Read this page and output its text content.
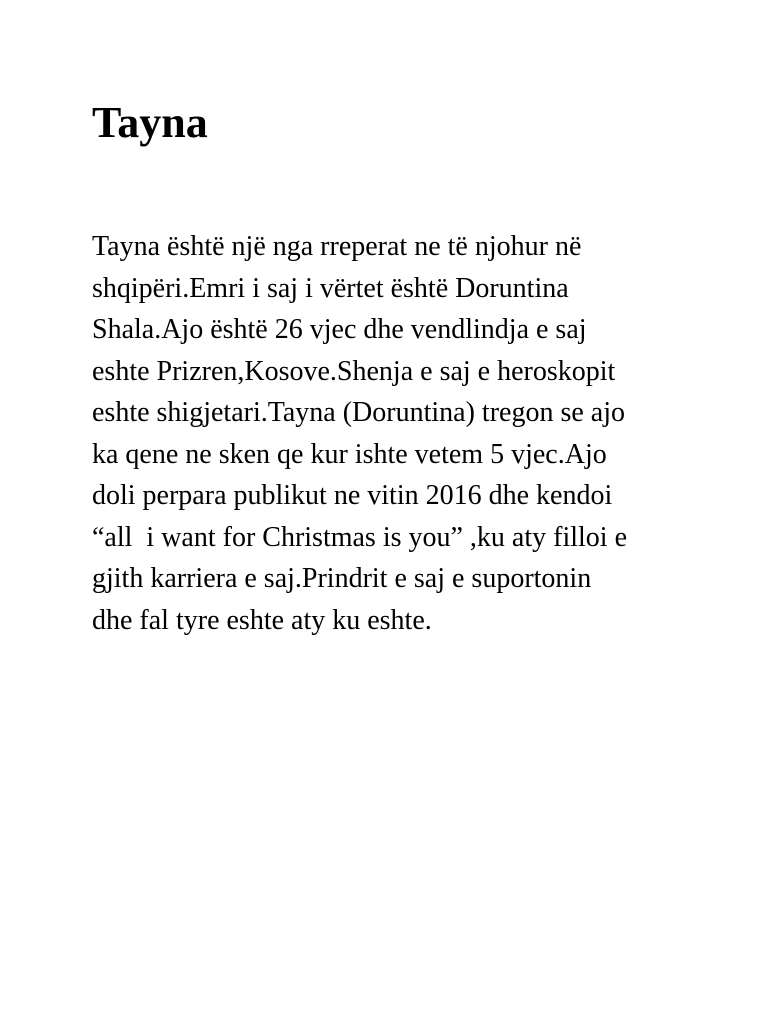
Tayna
Tayna është një nga rreperat ne të njohur në
shqipëri.Emri i saj i vërtet është Doruntina
Shala.Ajo është 26 vjec dhe vendlindja e saj
eshte Prizren,Kosove.Shenja e saj e heroskopit
eshte shigjetari.Tayna (Doruntina) tregon se ajo
ka qene ne sken qe kur ishte vetem 5 vjec.Ajo
doli perpara publikut ne vitin 2016 dhe kendoi
“all  i want for Christmas is you” ,ku aty filloi e
gjith karriera e saj.Prindrit e saj e suportonin
dhe fal tyre eshte aty ku eshte.
